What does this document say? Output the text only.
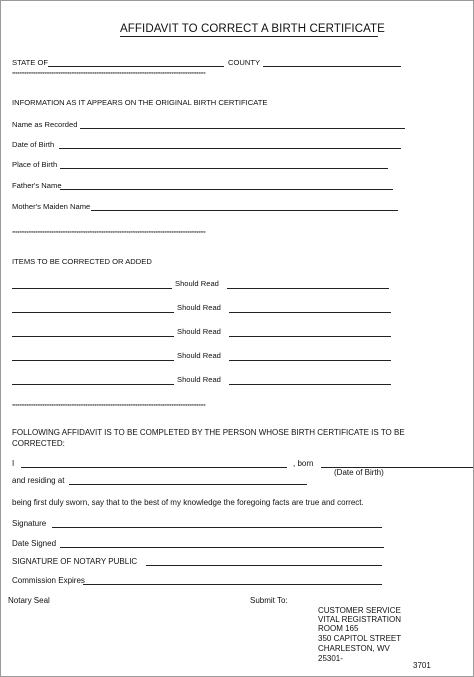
AFFIDAVIT TO CORRECT A BIRTH CERTIFICATE
STATE OF	COUNTY
************************************************************************************************************
INFORMATION AS IT APPEARS ON THE ORIGINAL BIRTH CERTIFICATE
Name as Recorded
Date of Birth
Place of Birth
Father's Name
Mother's Maiden Name
************************************************************************************************************
ITEMS TO BE CORRECTED OR ADDED
Should Read
Should Read
Should Read
Should Read
Should Read
************************************************************************************************************
FOLLOWING AFFIDAVIT IS TO BE COMPLETED BY THE PERSON WHOSE BIRTH CERTIFICATE IS TO BE
CORRECTED:
I	, born
and residing at
(Date of Birth)
being first duly sworn, say that to the best of my knowledge the foregoing facts are true and correct.
Signature
Date Signed
SIGNATURE OF NOTARY PUBLIC
Commission Expires
Notary Seal	Submit To:
CUSTOMER SERVICE
VITAL REGISTRATION
ROOM 165
350 CAPITOL STREET
CHARLESTON, WV
25301-
3701
